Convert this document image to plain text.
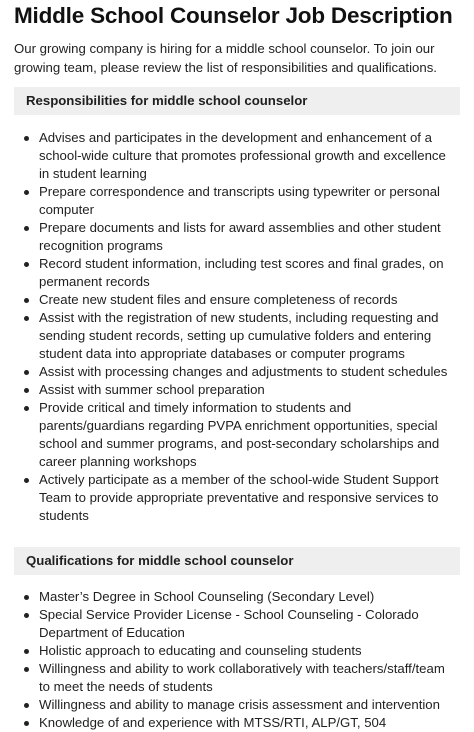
Middle School Counselor Job Description

Our growing company is hiring for a middle school counselor. To join our growing team, please review the list of responsibilities and qualifications.

Responsibilities for middle school counselor
Advises and participates in the development and enhancement of a school-wide culture that promotes professional growth and excellence in student learning
Prepare correspondence and transcripts using typewriter or personal computer
Prepare documents and lists for award assemblies and other student recognition programs
Record student information, including test scores and final grades, on permanent records
Create new student files and ensure completeness of records
Assist with the registration of new students, including requesting and sending student records, setting up cumulative folders and entering student data into appropriate databases or computer programs
Assist with processing changes and adjustments to student schedules
Assist with summer school preparation
Provide critical and timely information to students and parents/guardians regarding PVPA enrichment opportunities, special school and summer programs, and post-secondary scholarships and career planning workshops
Actively participate as a member of the school-wide Student Support Team to provide appropriate preventative and responsive services to students
Qualifications for middle school counselor
Master’s Degree in School Counseling (Secondary Level)
Special Service Provider License - School Counseling - Colorado Department of Education
Holistic approach to educating and counseling students
Willingness and ability to work collaboratively with teachers/staff/team to meet the needs of students
Willingness and ability to manage crisis assessment and intervention
Knowledge of and experience with MTSS/RTI, ALP/GT, 504
